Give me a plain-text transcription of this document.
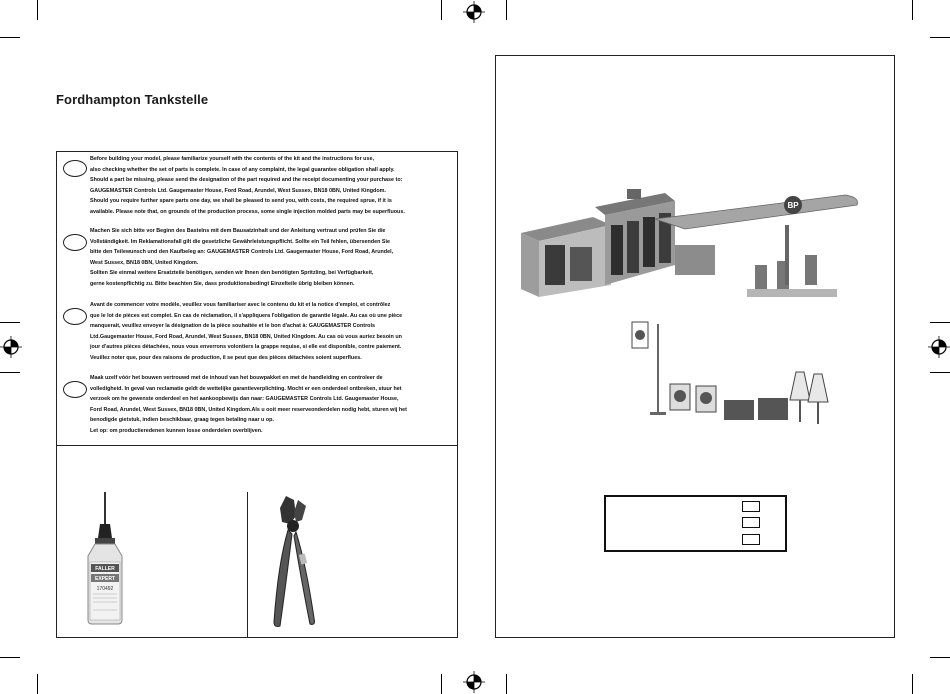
Fordhampton Tankstelle
Before building your model, please familiarize yourself with the contents of the kit and the instructions for use,
also checking whether the set of parts is complete. In case of any complaint, the legal guarantee obligation shall apply.
Should a part be missing, please send the designation of the part required and the receipt documenting your purchase to:
GAUGEMASTER Controls Ltd. Gaugemaster House, Ford Road, Arundel, West Sussex, BN18 0BN, United Kingdom.
Should you require further spare parts one day, we shall be pleased to send you, with costs, the required sprue, if it is
available. Please note that, on grounds of the production process, some single injection molded parts may be superfluous.
Machen Sie sich bitte vor Beginn des Bastelns mit dem Bausatzinhalt und der Anleitung vertraut und prüfen Sie die
Vollständigkeit. Im Reklamationsfall gilt die gesetzliche Gewährleistungspflicht. Sollte ein Teil fehlen, übersenden Sie
bitte den Teilewunsch und den Kaufbeleg an: GAUGEMASTER Controls Ltd. Gaugemaster House, Ford Road, Arundel,
West Sussex, BN18 0BN, United Kingdom.
Sollten Sie einmal weitere Ersatzteile benötigen, senden wir Ihnen den benötigten Spritzling, bei Verfügbarkeit,
gerne kostenpflichtig zu. Bitte beachten Sie, dass produktionsbedingt Einzelteile übrig bleiben können.
Avant de commencer votre modèle, veuillez vous familiariser avec le contenu du kit et la notice d'emploi, et contrôlez
que le lot de pièces est complet. En cas de réclamation, il s'appliquera l'obligation de garantie légale. Au cas où une pièce
manquerait, veuillez envoyer la désignation de la pièce souhaitée et le bon d'achat à: GAUGEMASTER Controls
Ltd.Gaugemaster House, Ford Road, Arundel, West Sussex, BN18 0BN, United Kingdom. Au cas où vous auriez besoin un
jour d'autres pièces détachées, nous vous enverrons volontiers la grappe requise, si elle est disponible, contre paiement.
Veuillez noter que, pour des raisons de production, il se peut que des pièces détachées soient superflues.
Maak uzelf vóór het bouwen vertrouwd met de inhoud van het bouwpakket en met de handleiding en controleer de
volledigheid. In geval van reclamatie geldt de wettelijke garantieverplichting. Mocht er een onderdeel ontbreken, stuur het
verzoek om he gewenste onderdeel en het aankoopbewijs dan naar: GAUGEMASTER Controls Ltd. Gaugemaster House,
Ford Road, Arundel, West Sussex, BN18 0BN, United Kingdom.Als u ooit meer reserveonderdelen nodig hebt, sturen wij het
benodigde gietstuk, indien beschikbaar, graag tegen betaling naar u op.
Let op: om productieredenen kunnen losse onderdelen overblijven.
FALLER
EXPERT
170492
BP
